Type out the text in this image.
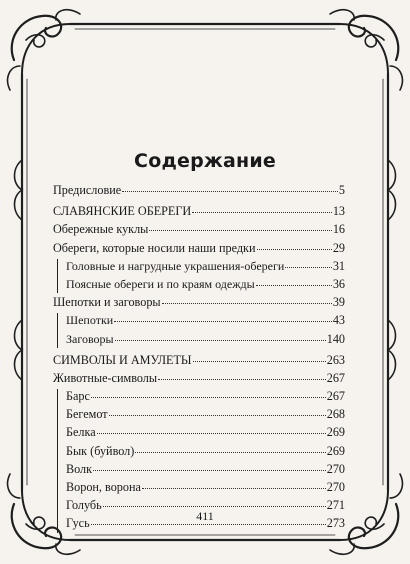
Содержание
Предисловие	5
СЛАВЯНСКИЕ ОБЕРЕГИ	13
Обережные куклы	16
Обереги, которые носили наши предки	29
Головные и нагрудные украшения-обереги	31
Поясные обереги и по краям одежды	36
Шепотки и заговоры	39
Шепотки	43
Заговоры	140
СИМВОЛЫ И АМУЛЕТЫ	263
Животные-символы	267
Барс	267
Бегемот	268
Белка	269
Бык (буйвол)	269
Волк	270
Ворон, ворона	270
Голубь	271
Гусь	273
411
